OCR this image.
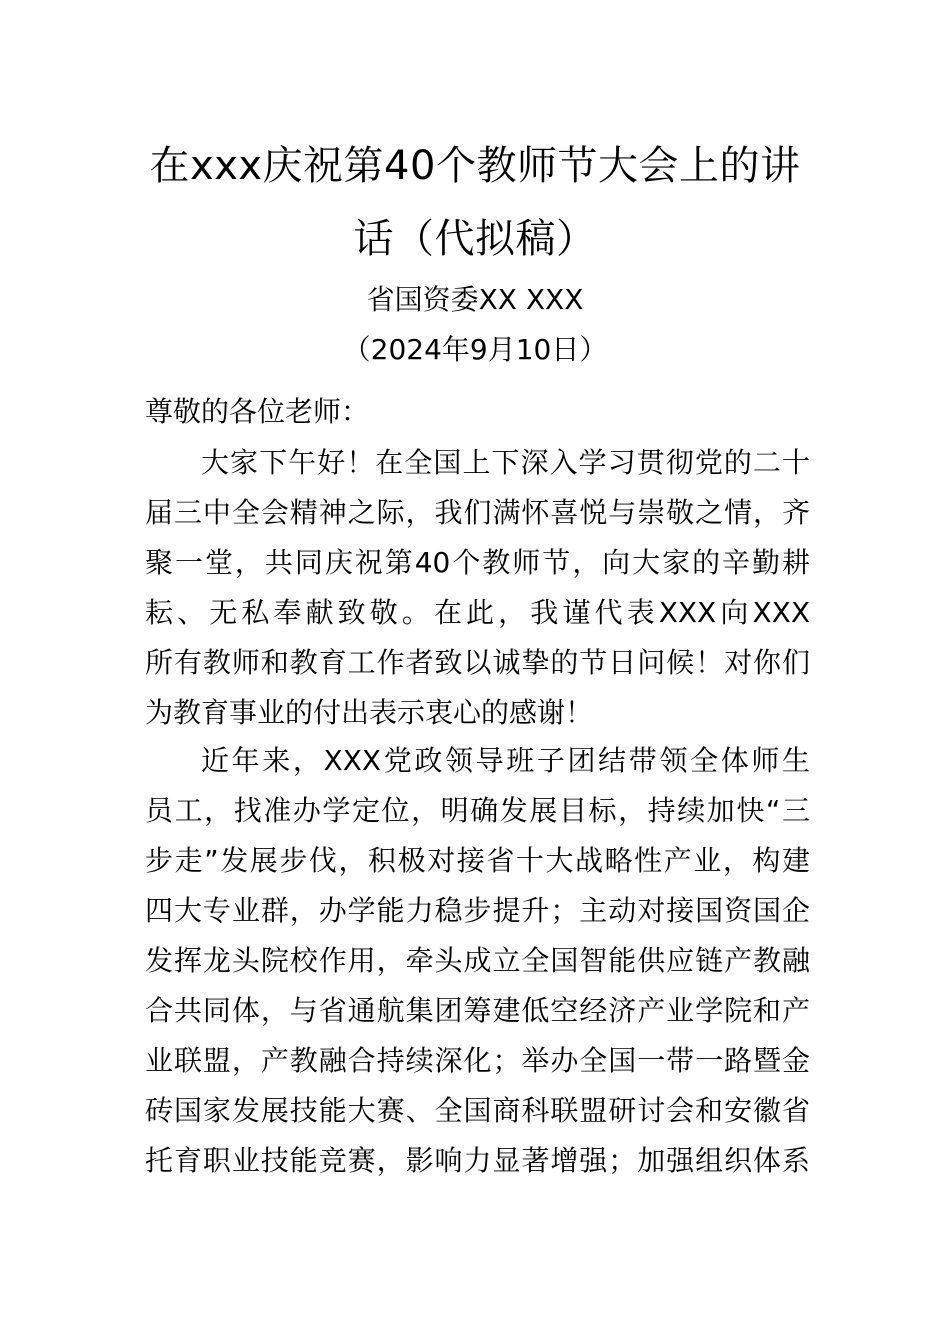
在xxx庆祝第40个教师节大会上的讲
话（代拟稿）
省国资委XX XXX
（2024年9月10日）
尊敬的各位老师：
大家下午好！在全国上下深入学习贯彻党的二十
届三中全会精神之际，我们满怀喜悦与崇敬之情，齐
聚一堂，共同庆祝第40个教师节，向大家的辛勤耕
耘、无私奉献致敬。在此，我谨代表XXX向XXX
所有教师和教育工作者致以诚挚的节日问候！对你们
为教育事业的付出表示衷心的感谢！
近年来，XXX党政领导班子团结带领全体师生
员工，找准办学定位，明确发展目标，持续加快“三
步走”发展步伐，积极对接省十大战略性产业，构建
四大专业群，办学能力稳步提升；主动对接国资国企
发挥龙头院校作用，牵头成立全国智能供应链产教融
合共同体，与省通航集团筹建低空经济产业学院和产
业联盟，产教融合持续深化；举办全国一带一路暨金
砖国家发展技能大赛、全国商科联盟研讨会和安徽省
托育职业技能竞赛，影响力显著增强；加强组织体系
